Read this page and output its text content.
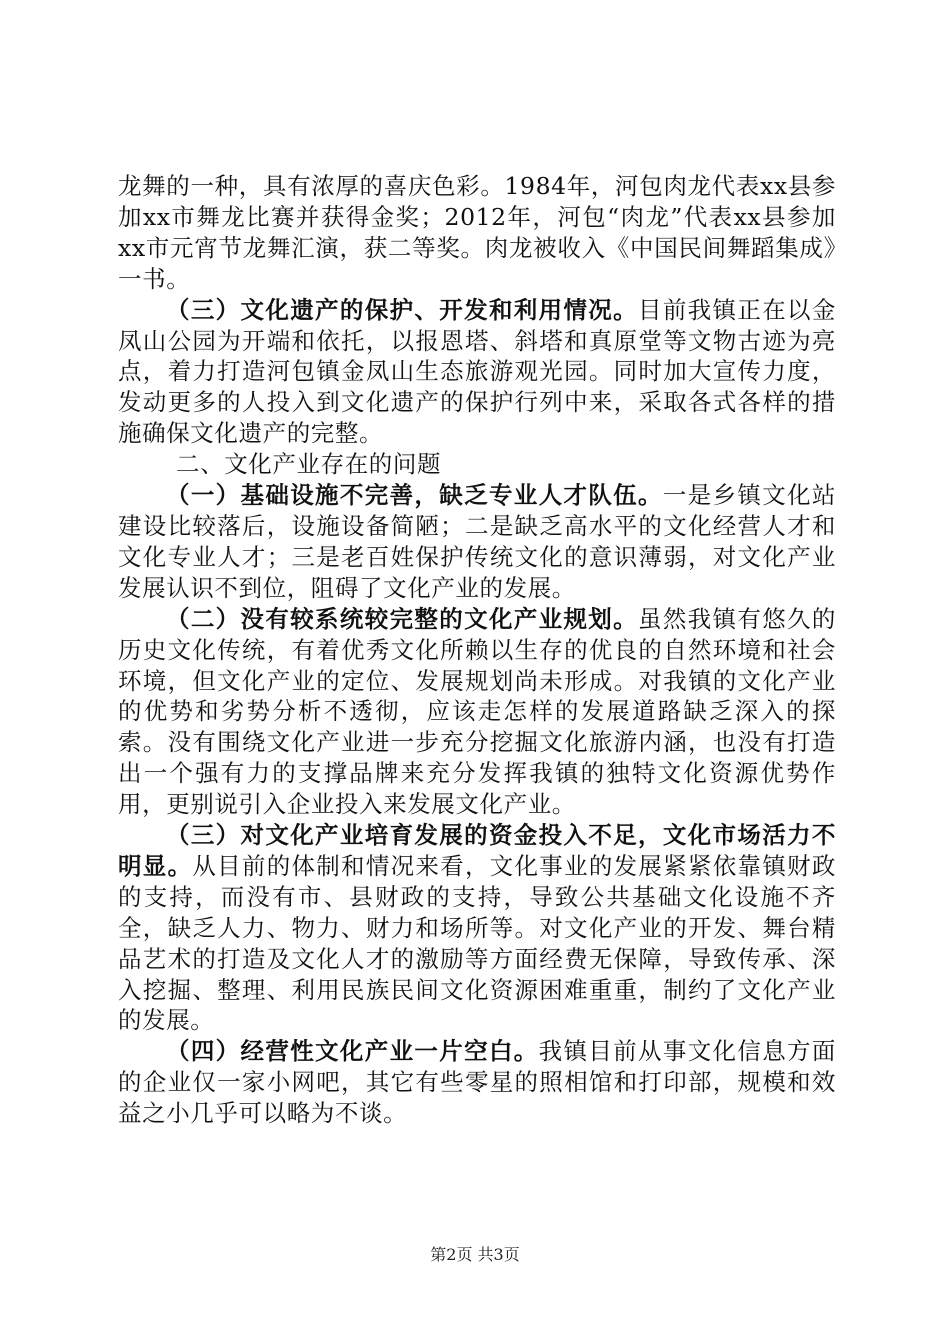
龙舞的一种，具有浓厚的喜庆色彩。1984年，河包肉龙代表xx县参加xx市舞龙比赛并获得金奖；2012年，河包“肉龙”代表xx县参加xx市元宵节龙舞汇演，获二等奖。肉龙被收入《中国民间舞蹈集成》一书。

（三）文化遗产的保护、开发和利用情况。目前我镇正在以金凤山公园为开端和依托，以报恩塔、斜塔和真原堂等文物古迹为亮点，着力打造河包镇金凤山生态旅游观光园。同时加大宣传力度，发动更多的人投入到文化遗产的保护行列中来，采取各式各样的措施确保文化遗产的完整。

二、文化产业存在的问题

（一）基础设施不完善，缺乏专业人才队伍。一是乡镇文化站建设比较落后，设施设备简陋；二是缺乏高水平的文化经营人才和文化专业人才；三是老百姓保护传统文化的意识薄弱，对文化产业发展认识不到位，阻碍了文化产业的发展。

（二）没有较系统较完整的文化产业规划。虽然我镇有悠久的历史文化传统，有着优秀文化所赖以生存的优良的自然环境和社会环境，但文化产业的定位、发展规划尚未形成。对我镇的文化产业的优势和劣势分析不透彻，应该走怎样的发展道路缺乏深入的探索。没有围绕文化产业进一步充分挖掘文化旅游内涵，也没有打造出一个强有力的支撑品牌来充分发挥我镇的独特文化资源优势作用，更别说引入企业投入来发展文化产业。

（三）对文化产业培育发展的资金投入不足，文化市场活力不明显。从目前的体制和情况来看，文化事业的发展紧紧依靠镇财政的支持，而没有市、县财政的支持，导致公共基础文化设施不齐全，缺乏人力、物力、财力和场所等。对文化产业的开发、舞台精品艺术的打造及文化人才的激励等方面经费无保障，导致传承、深入挖掘、整理、利用民族民间文化资源困难重重，制约了文化产业的发展。

（四）经营性文化产业一片空白。我镇目前从事文化信息方面的企业仅一家小网吧，其它有些零星的照相馆和打印部，规模和效益之小几乎可以略为不谈。

第2页 共3页
